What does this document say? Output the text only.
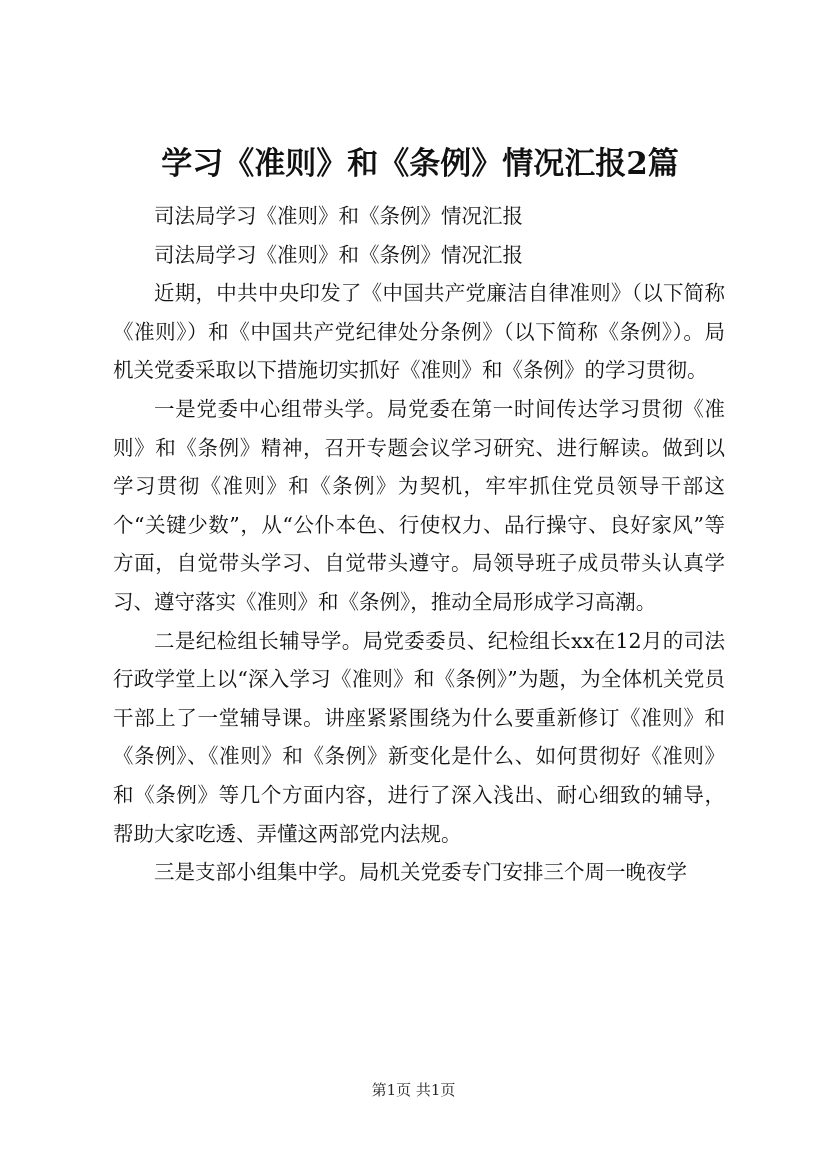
学习《准则》和《条例》情况汇报2篇

司法局学习《准则》和《条例》情况汇报

司法局学习《准则》和《条例》情况汇报

近期，中共中央印发了《中国共产党廉洁自律准则》（以下简称《准则》）和《中国共产党纪律处分条例》（以下简称《条例》）。局机关党委采取以下措施切实抓好《准则》和《条例》的学习贯彻。

一是党委中心组带头学。局党委在第一时间传达学习贯彻《准则》和《条例》精神，召开专题会议学习研究、进行解读。做到以学习贯彻《准则》和《条例》为契机，牢牢抓住党员领导干部这个“关键少数”，从“公仆本色、行使权力、品行操守、良好家风”等方面，自觉带头学习、自觉带头遵守。局领导班子成员带头认真学习、遵守落实《准则》和《条例》，推动全局形成学习高潮。

二是纪检组长辅导学。局党委委员、纪检组长xx在12月的司法行政学堂上以“深入学习《准则》和《条例》”为题，为全体机关党员干部上了一堂辅导课。讲座紧紧围绕为什么要重新修订《准则》和《条例》、《准则》和《条例》新变化是什么、如何贯彻好《准则》和《条例》等几个方面内容，进行了深入浅出、耐心细致的辅导，帮助大家吃透、弄懂这两部党内法规。

三是支部小组集中学。局机关党委专门安排三个周一晚夜学

第1页 共1页
